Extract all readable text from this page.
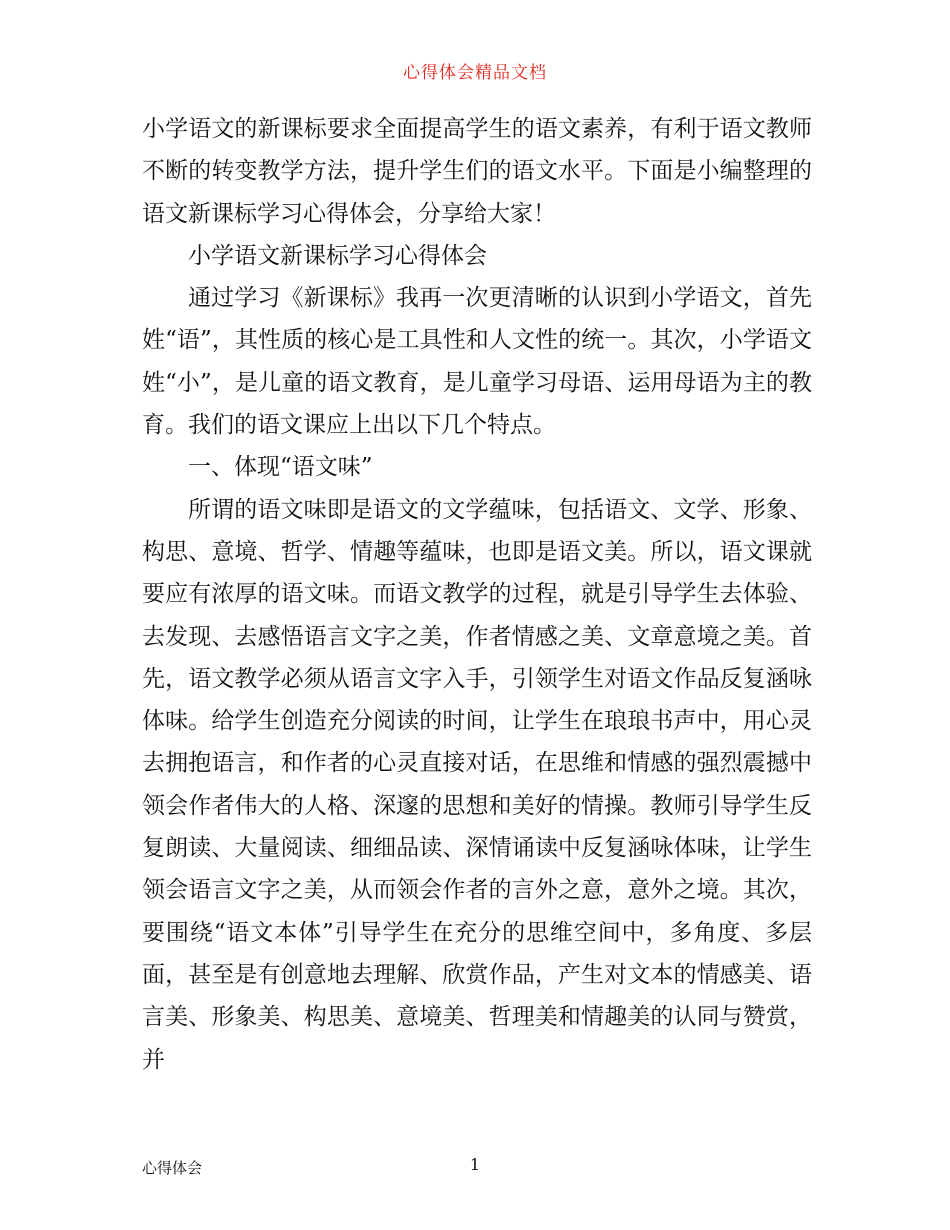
心得体会精品文档

小学语文的新课标要求全面提高学生的语文素养，有利于语文教师不断的转变教学方法，提升学生们的语文水平。下面是小编整理的语文新课标学习心得体会，分享给大家！

小学语文新课标学习心得体会

通过学习《新课标》我再一次更清晰的认识到小学语文，首先姓“语”，其性质的核心是工具性和人文性的统一。其次，小学语文姓“小”，是儿童的语文教育，是儿童学习母语、运用母语为主的教育。我们的语文课应上出以下几个特点。

一、体现“语文味”

所谓的语文味即是语文的文学蕴味，包括语文、文学、形象、构思、意境、哲学、情趣等蕴味，也即是语文美。所以，语文课就要应有浓厚的语文味。而语文教学的过程，就是引导学生去体验、去发现、去感悟语言文字之美，作者情感之美、文章意境之美。首先，语文教学必须从语言文字入手，引领学生对语文作品反复涵咏体味。给学生创造充分阅读的时间，让学生在琅琅书声中，用心灵去拥抱语言，和作者的心灵直接对话，在思维和情感的强烈震撼中领会作者伟大的人格、深邃的思想和美好的情操。教师引导学生反复朗读、大量阅读、细细品读、深情诵读中反复涵咏体味，让学生领会语言文字之美，从而领会作者的言外之意，意外之境。其次，要围绕“语文本体”引导学生在充分的思维空间中，多角度、多层面，甚至是有创意地去理解、欣赏作品，产生对文本的情感美、语言美、形象美、构思美、意境美、哲理美和情趣美的认同与赞赏，并

心得体会	1
